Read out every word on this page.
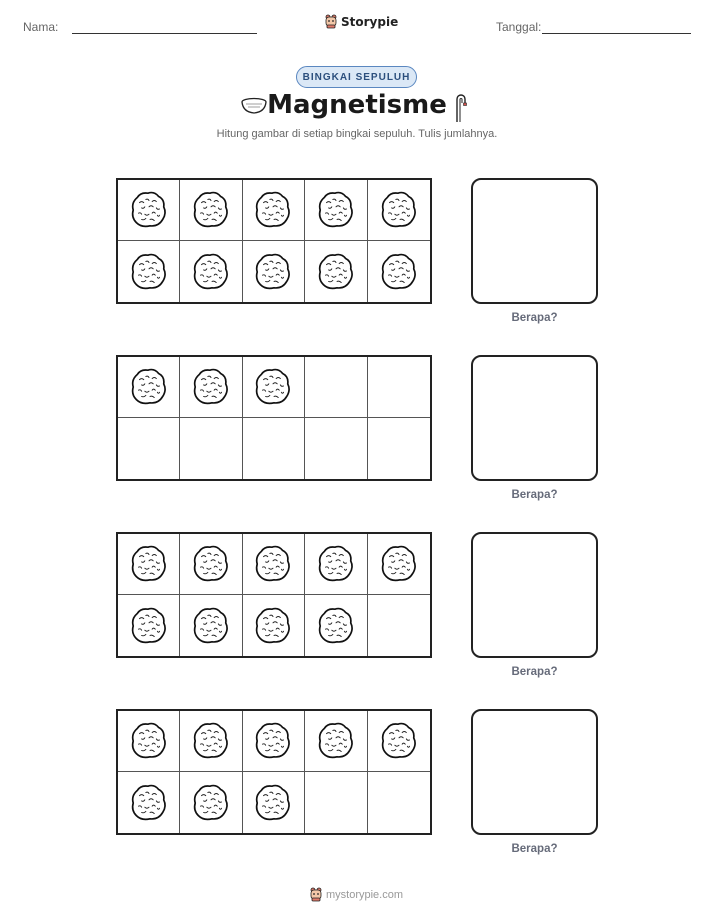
Nama:	Storypie	Tanggal:
BINGKAI SEPULUH
Magnetisme
Hitung gambar di setiap bingkai sepuluh. Tulis jumlahnya.
Berapa?
Berapa?
Berapa?
Berapa?
mystorypie.com
